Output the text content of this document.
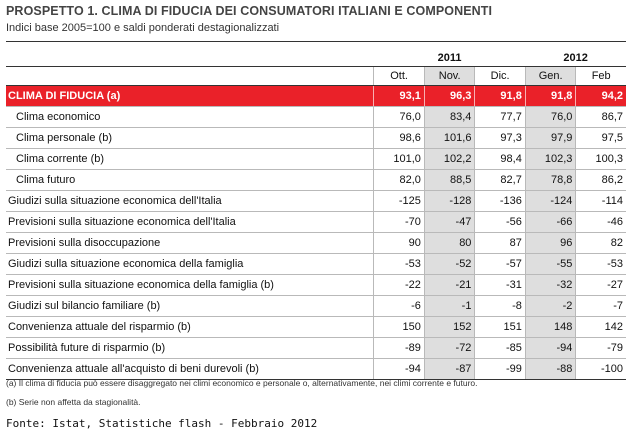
PROSPETTO 1. CLIMA DI FIDUCIA DEI CONSUMATORI ITALIANI E COMPONENTI
Indici base 2005=100 e saldi ponderati destagionalizzati
	2011			2012	
	Ott.	Nov.	Dic.	Gen.	Feb
CLIMA DI FIDUCIA (a)	93,1	96,3	91,8	91,8	94,2
Clima economico	76,0	83,4	77,7	76,0	86,7
Clima personale (b)	98,6	101,6	97,3	97,9	97,5
Clima corrente (b)	101,0	102,2	98,4	102,3	100,3
Clima futuro	82,0	88,5	82,7	78,8	86,2
Giudizi sulla situazione economica dell'Italia	-125	-128	-136	-124	-114
Previsioni sulla situazione economica dell'Italia	-70	-47	-56	-66	-46
Previsioni sulla disoccupazione	90	80	87	96	82
Giudizi sulla situazione economica della famiglia	-53	-52	-57	-55	-53
Previsioni sulla situazione economica della famiglia (b)	-22	-21	-31	-32	-27
Giudizi sul bilancio familiare (b)	-6	-1	-8	-2	-7
Convenienza attuale del risparmio (b)	150	152	151	148	142
Possibilità future di risparmio (b)	-89	-72	-85	-94	-79
Convenienza attuale all'acquisto di beni durevoli (b)	-94	-87	-99	-88	-100
(a) Il clima di fiducia può essere disaggregato nei climi economico e personale o, alternativamente, nei climi corrente e futuro.
(b) Serie non affetta da stagionalità.
Fonte: Istat, Statistiche flash - Febbraio 2012
